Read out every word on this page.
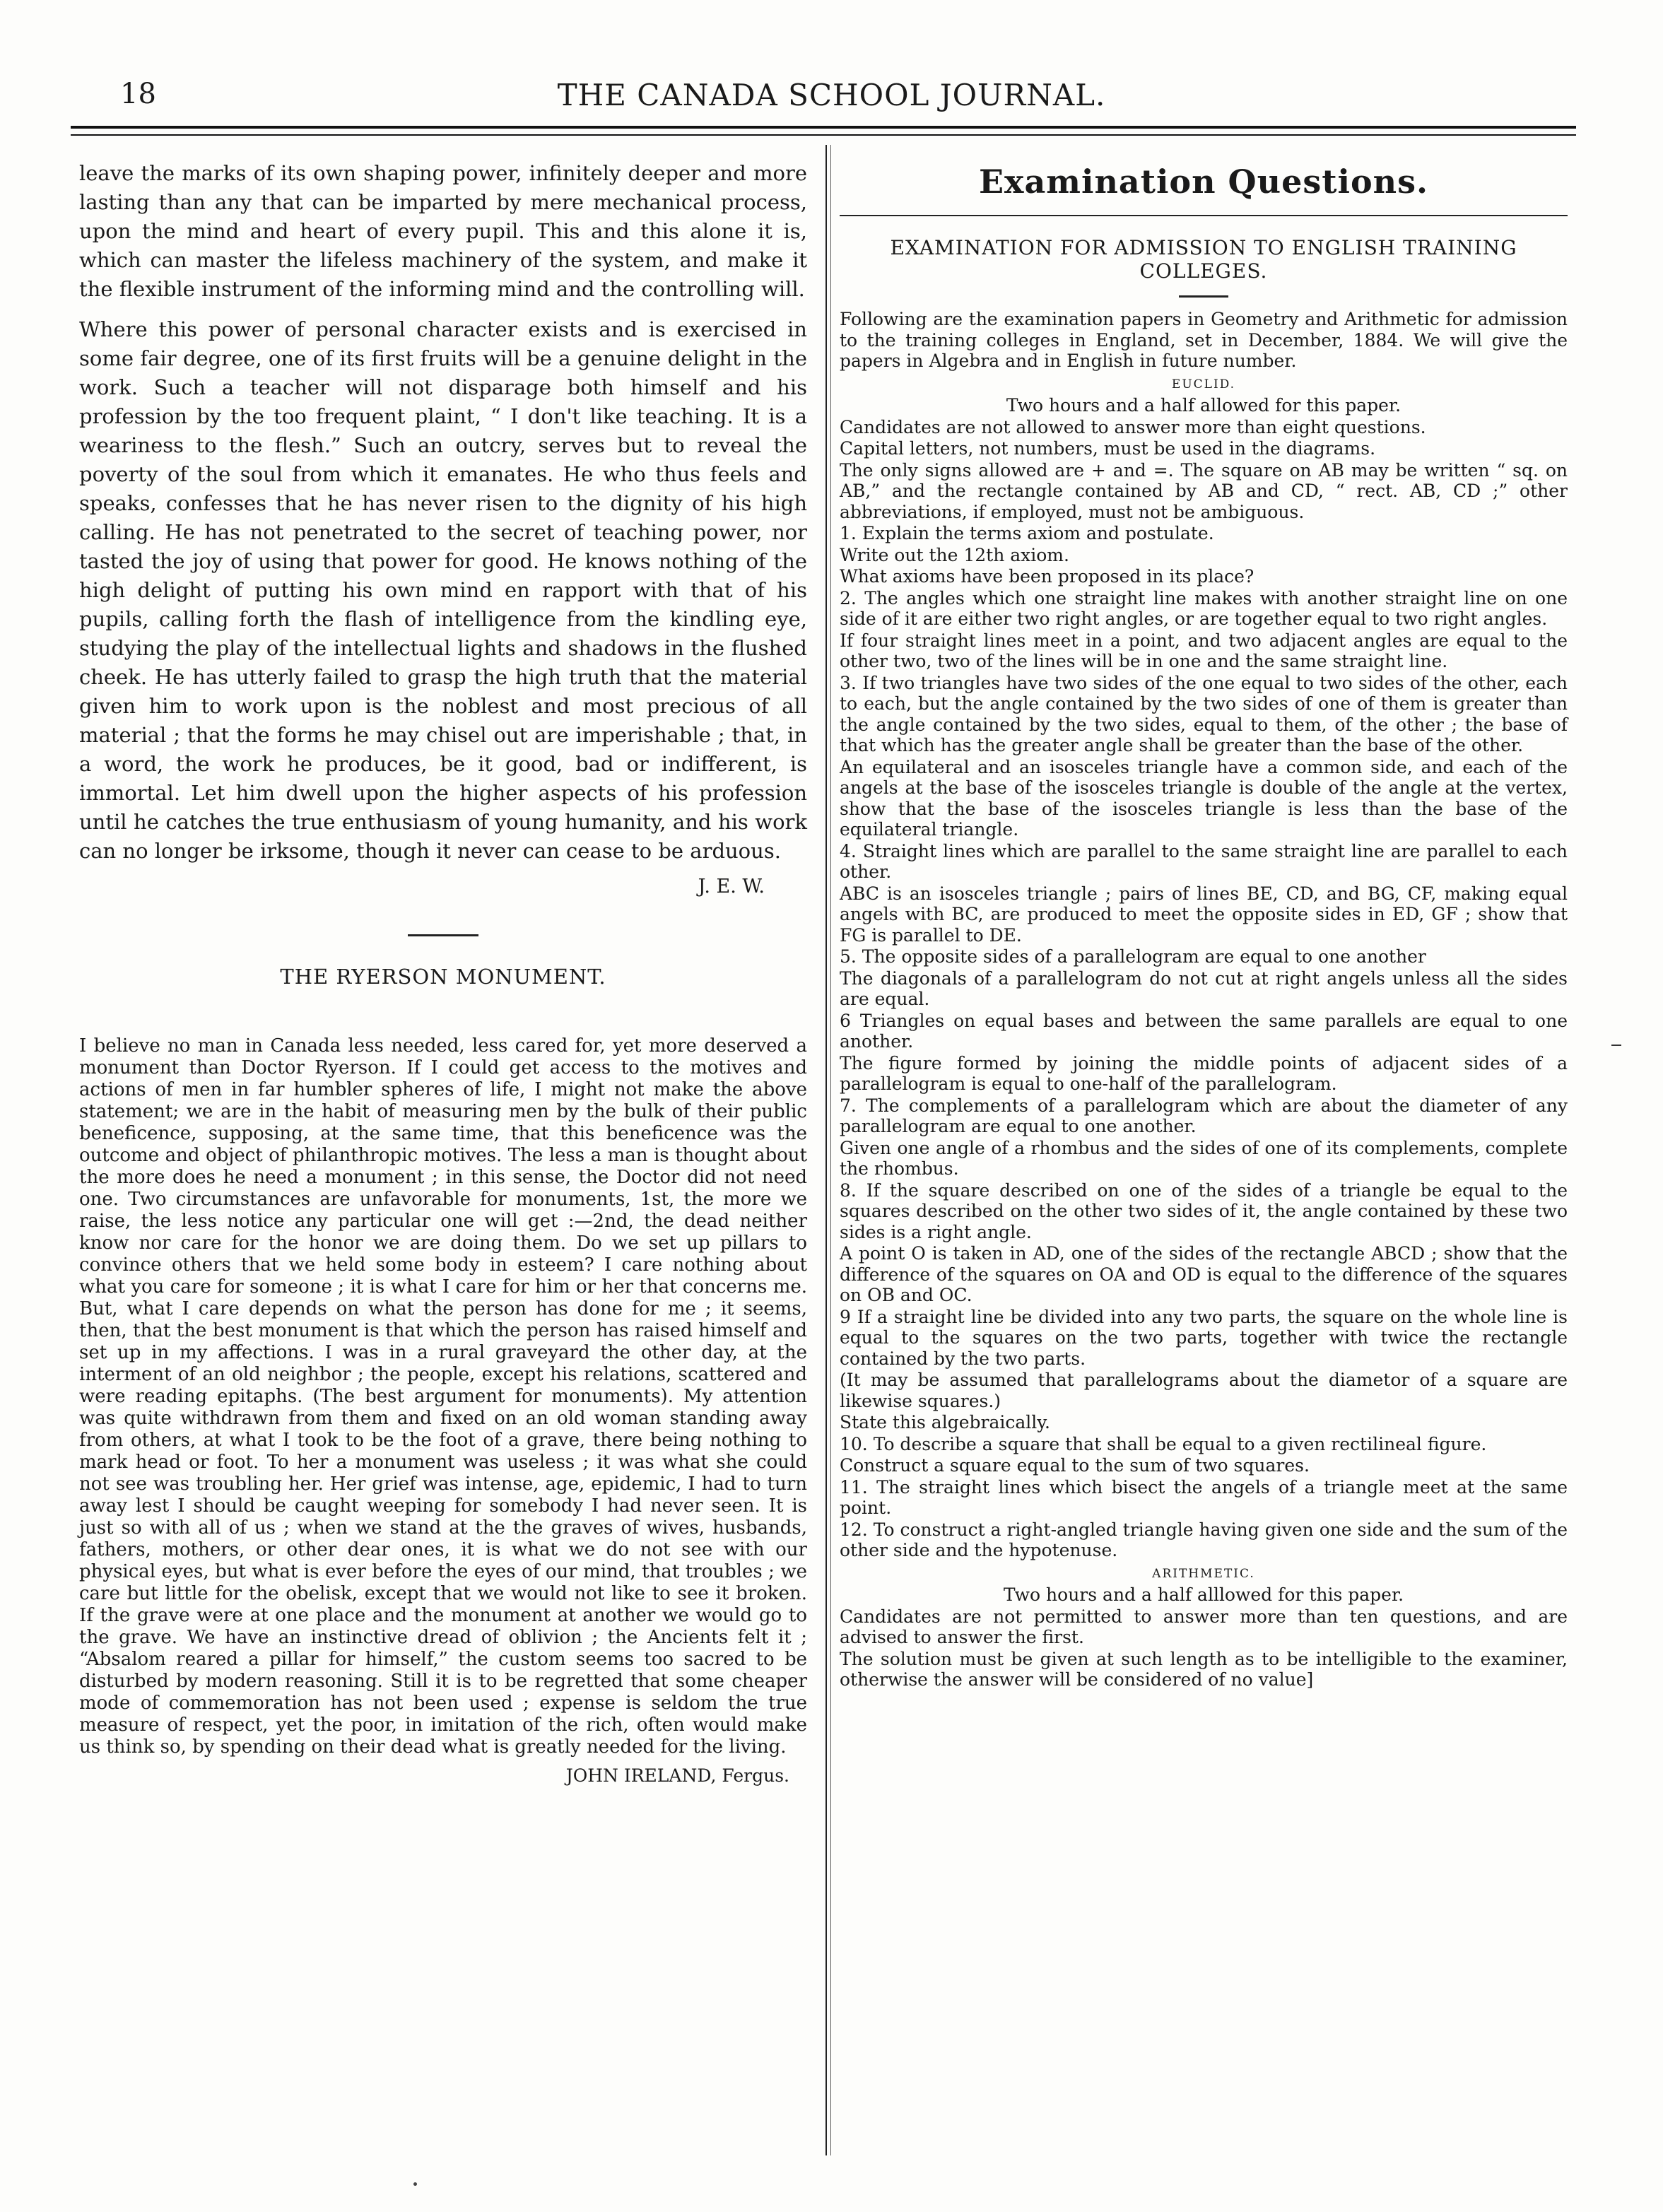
18	THE CANADA SCHOOL JOURNAL.

leave the marks of its own shaping power, infinitely deeper and more lasting than any that can be imparted by mere mechanical process, upon the mind and heart of every pupil. This and this alone it is, which can master the lifeless machinery of the system, and make it the flexible instrument of the informing mind and the controlling will.

Where this power of personal character exists and is exercised in some fair degree, one of its first fruits will be a genuine delight in the work. Such a teacher will not disparage both himself and his profession by the too frequent plaint, “ I don't like teaching. It is a weariness to the flesh.” Such an outcry, serves but to reveal the poverty of the soul from which it emanates. He who thus feels and speaks, confesses that he has never risen to the dignity of his high calling. He has not penetrated to the secret of teaching power, nor tasted the joy of using that power for good. He knows nothing of the high delight of putting his own mind en rapport with that of his pupils, calling forth the flash of intelligence from the kindling eye, studying the play of the intellectual lights and shadows in the flushed cheek. He has utterly failed to grasp the high truth that the material given him to work upon is the noblest and most precious of all material ; that the forms he may chisel out are imperishable ; that, in a word, the work he produces, be it good, bad or indifferent, is immortal. Let him dwell upon the higher aspects of his profession until he catches the true enthusiasm of young humanity, and his work can no longer be irksome, though it never can cease to be arduous.

J. E. W.
THE RYERSON MONUMENT.

I believe no man in Canada less needed, less cared for, yet more deserved a monument than Doctor Ryerson. If I could get access to the motives and actions of men in far humbler spheres of life, I might not make the above statement; we are in the habit of measuring men by the bulk of their public beneficence, supposing, at the same time, that this beneficence was the outcome and object of philanthropic motives. The less a man is thought about the more does he need a monument ; in this sense, the Doctor did not need one. Two circumstances are unfavorable for monuments, 1st, the more we raise, the less notice any particular one will get :—2nd, the dead neither know nor care for the honor we are doing them. Do we set up pillars to convince others that we held some body in esteem? I care nothing about what you care for someone ; it is what I care for him or her that concerns me. But, what I care depends on what the person has done for me ; it seems, then, that the best monument is that which the person has raised himself and set up in my affections. I was in a rural graveyard the other day, at the interment of an old neighbor ; the people, except his relations, scattered and were reading epitaphs. (The best argument for monuments). My attention was quite withdrawn from them and fixed on an old woman standing away from others, at what I took to be the foot of a grave, there being nothing to mark head or foot. To her a monument was useless ; it was what she could not see was troubling her. Her grief was intense, age, epidemic, I had to turn away lest I should be caught weeping for somebody I had never seen. It is just so with all of us ; when we stand at the the graves of wives, husbands, fathers, mothers, or other dear ones, it is what we do not see with our physical eyes, but what is ever before the eyes of our mind, that troubles ; we care but little for the obelisk, except that we would not like to see it broken. If the grave were at one place and the monument at another we would go to the grave. We have an instinctive dread of oblivion ; the Ancients felt it ; “Absalom reared a pillar for himself,” the custom seems too sacred to be disturbed by modern reasoning. Still it is to be regretted that some cheaper mode of commemoration has not been used ; expense is seldom the true measure of respect, yet the poor, in imitation of the rich, often would make us think so, by spending on their dead what is greatly needed for the living.

JOHN IRELAND, Fergus.
Examination Questions.
EXAMINATION FOR ADMISSION TO ENGLISH TRAINING COLLEGES.

Following are the examination papers in Geometry and Arithmetic for admission to the training colleges in England, set in December, 1884. We will give the papers in Algebra and in English in future number.

EUCLID.

Two hours and a half allowed for this paper.

Candidates are not allowed to answer more than eight questions.

Capital letters, not numbers, must be used in the diagrams.

The only signs allowed are + and =. The square on AB may be written “ sq. on AB,” and the rectangle contained by AB and CD, “ rect. AB, CD ;” other abbreviations, if employed, must not be ambiguous.

1. Explain the terms axiom and postulate.

Write out the 12th axiom.

What axioms have been proposed in its place?

2. The angles which one straight line makes with another straight line on one side of it are either two right angles, or are together equal to two right angles.

If four straight lines meet in a point, and two adjacent angles are equal to the other two, two of the lines will be in one and the same straight line.

3. If two triangles have two sides of the one equal to two sides of the other, each to each, but the angle contained by the two sides of one of them is greater than the angle contained by the two sides, equal to them, of the other ; the base of that which has the greater angle shall be greater than the base of the other.

An equilateral and an isosceles triangle have a common side, and each of the angels at the base of the isosceles triangle is double of the angle at the vertex, show that the base of the isosceles triangle is less than the base of the equilateral triangle.

4. Straight lines which are parallel to the same straight line are parallel to each other.

ABC is an isosceles triangle ; pairs of lines BE, CD, and BG, CF, making equal angels with BC, are produced to meet the opposite sides in ED, GF ; show that FG is parallel to DE.

5. The opposite sides of a parallelogram are equal to one another

The diagonals of a parallelogram do not cut at right angels unless all the sides are equal.

6 Triangles on equal bases and between the same parallels are equal to one another.

The figure formed by joining the middle points of adjacent sides of a parallelogram is equal to one-half of the parallelogram.

7. The complements of a parallelogram which are about the diameter of any parallelogram are equal to one another.

Given one angle of a rhombus and the sides of one of its complements, complete the rhombus.

8. If the square described on one of the sides of a triangle be equal to the squares described on the other two sides of it, the angle contained by these two sides is a right angle.

A point O is taken in AD, one of the sides of the rectangle ABCD ; show that the difference of the squares on OA and OD is equal to the difference of the squares on OB and OC.

9 If a straight line be divided into any two parts, the square on the whole line is equal to the squares on the two parts, together with twice the rectangle contained by the two parts.

(It may be assumed that parallelograms about the diametor of a square are likewise squares.)

State this algebraically.

10. To describe a square that shall be equal to a given rectilineal figure.

Construct a square equal to the sum of two squares.

11. The straight lines which bisect the angels of a triangle meet at the same point.

12. To construct a right-angled triangle having given one side and the sum of the other side and the hypotenuse.

ARITHMETIC.

Two hours and a half alllowed for this paper.

Candidates are not permitted to answer more than ten questions, and are advised to answer the first.

The solution must be given at such length as to be intelligible to the examiner, otherwise the answer will be considered of no value]
